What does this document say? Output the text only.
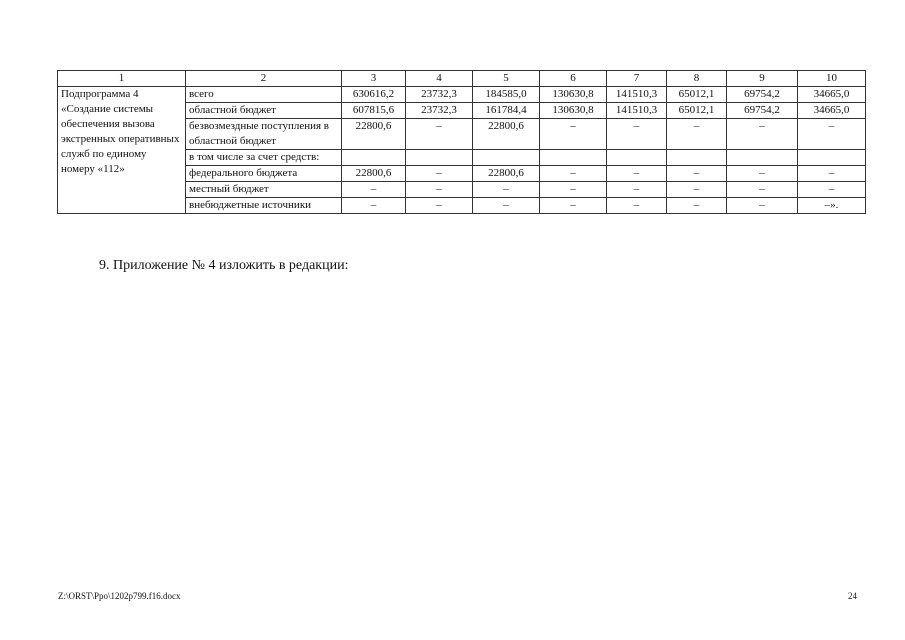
1	2	3	4	5	6	7	8	9	10
Подпрограмма 4 «Создание системы обеспечения вызова экстренных оперативных служб по единому номеру «112»	всего	630616,2	23732,3	184585,0	130630,8	141510,3	65012,1	69754,2	34665,0
	областной бюджет	607815,6	23732,3	161784,4	130630,8	141510,3	65012,1	69754,2	34665,0
	безвозмездные поступления в областной бюджет	22800,6	–	22800,6	–	–	–	–	–
	в том числе за счет средств:								
	федерального бюджета	22800,6	–	22800,6	–	–	–	–	–
	местный бюджет	–	–	–	–	–	–	–	–
	внебюджетные источники	–	–	–	–	–	–	–	–».

9. Приложение № 4 изложить в редакции:

Z:\ORST\Ppo\1202p799.f16.docx	24
